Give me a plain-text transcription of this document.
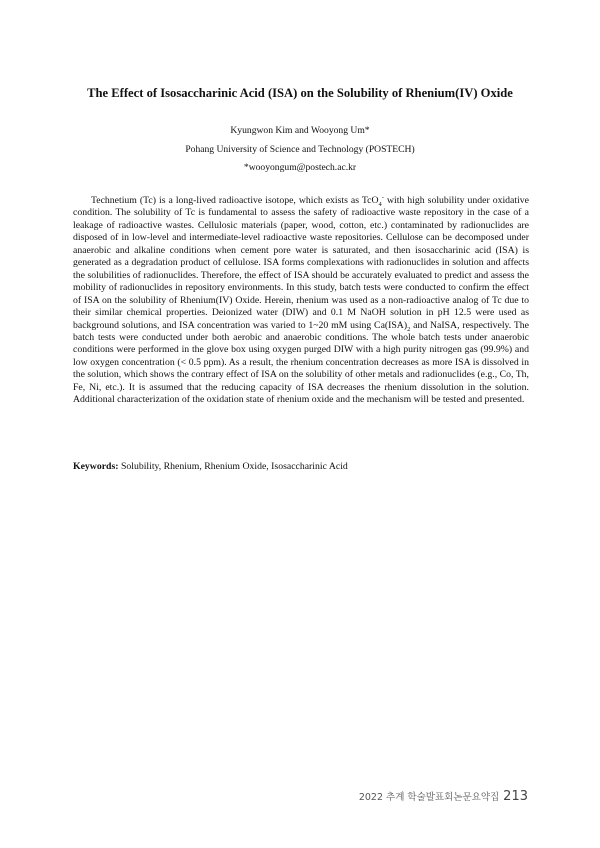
The Effect of Isosaccharinic Acid (ISA) on the Solubility of Rhenium(IV) Oxide
Kyungwon Kim and Wooyong Um*
Pohang University of Science and Technology (POSTECH)
*wooyongum@postech.ac.kr

Technetium (Tc) is a long-lived radioactive isotope, which exists as TcO$_4$- with high solubility under oxidative condition. The solubility of Tc is fundamental to assess the safety of radioactive waste repository in the case of a leakage of radioactive wastes. Cellulosic materials (paper, wood, cotton, etc.) contaminated by radionuclides are disposed of in low-level and intermediate-level radioactive waste repositories. Cellulose can be decomposed under anaerobic and alkaline conditions when cement pore water is saturated, and then isosaccharinic acid (ISA) is generated as a degradation product of cellulose. ISA forms complexations with radionuclides in solution and affects the solubilities of radionuclides. Therefore, the effect of ISA should be accurately evaluated to predict and assess the mobility of radionuclides in repository environments. In this study, batch tests were conducted to confirm the effect of ISA on the solubility of Rhenium(IV) Oxide. Herein, rhenium was used as a non-radioactive analog of Tc due to their similar chemical properties. Deionized water (DIW) and 0.1 M NaOH solution in pH 12.5 were used as background solutions, and ISA concentration was varied to 1~20 mM using $Ca(ISA)_2$ and NaISA, respectively. The batch tests were conducted under both aerobic and anaerobic conditions. The whole batch tests under anaerobic conditions were performed in the glove box using oxygen purged DIW with a high purity nitrogen gas (99.9%) and low oxygen concentration (< 0.5 ppm). As a result, the rhenium concentration decreases as more ISA is dissolved in the solution, which shows the contrary effect of ISA on the solubility of other metals and radionuclides (e.g., Co, Th, Fe, Ni, etc.). It is assumed that the reducing capacity of ISA decreases the rhenium dissolution in the solution. Additional characterization of the oxidation state of rhenium oxide and the mechanism will be tested and presented.

Keywords: Solubility, Rhenium, Rhenium Oxide, Isosaccharinic Acid

2022 추계 학술발표회논문요약집 213
